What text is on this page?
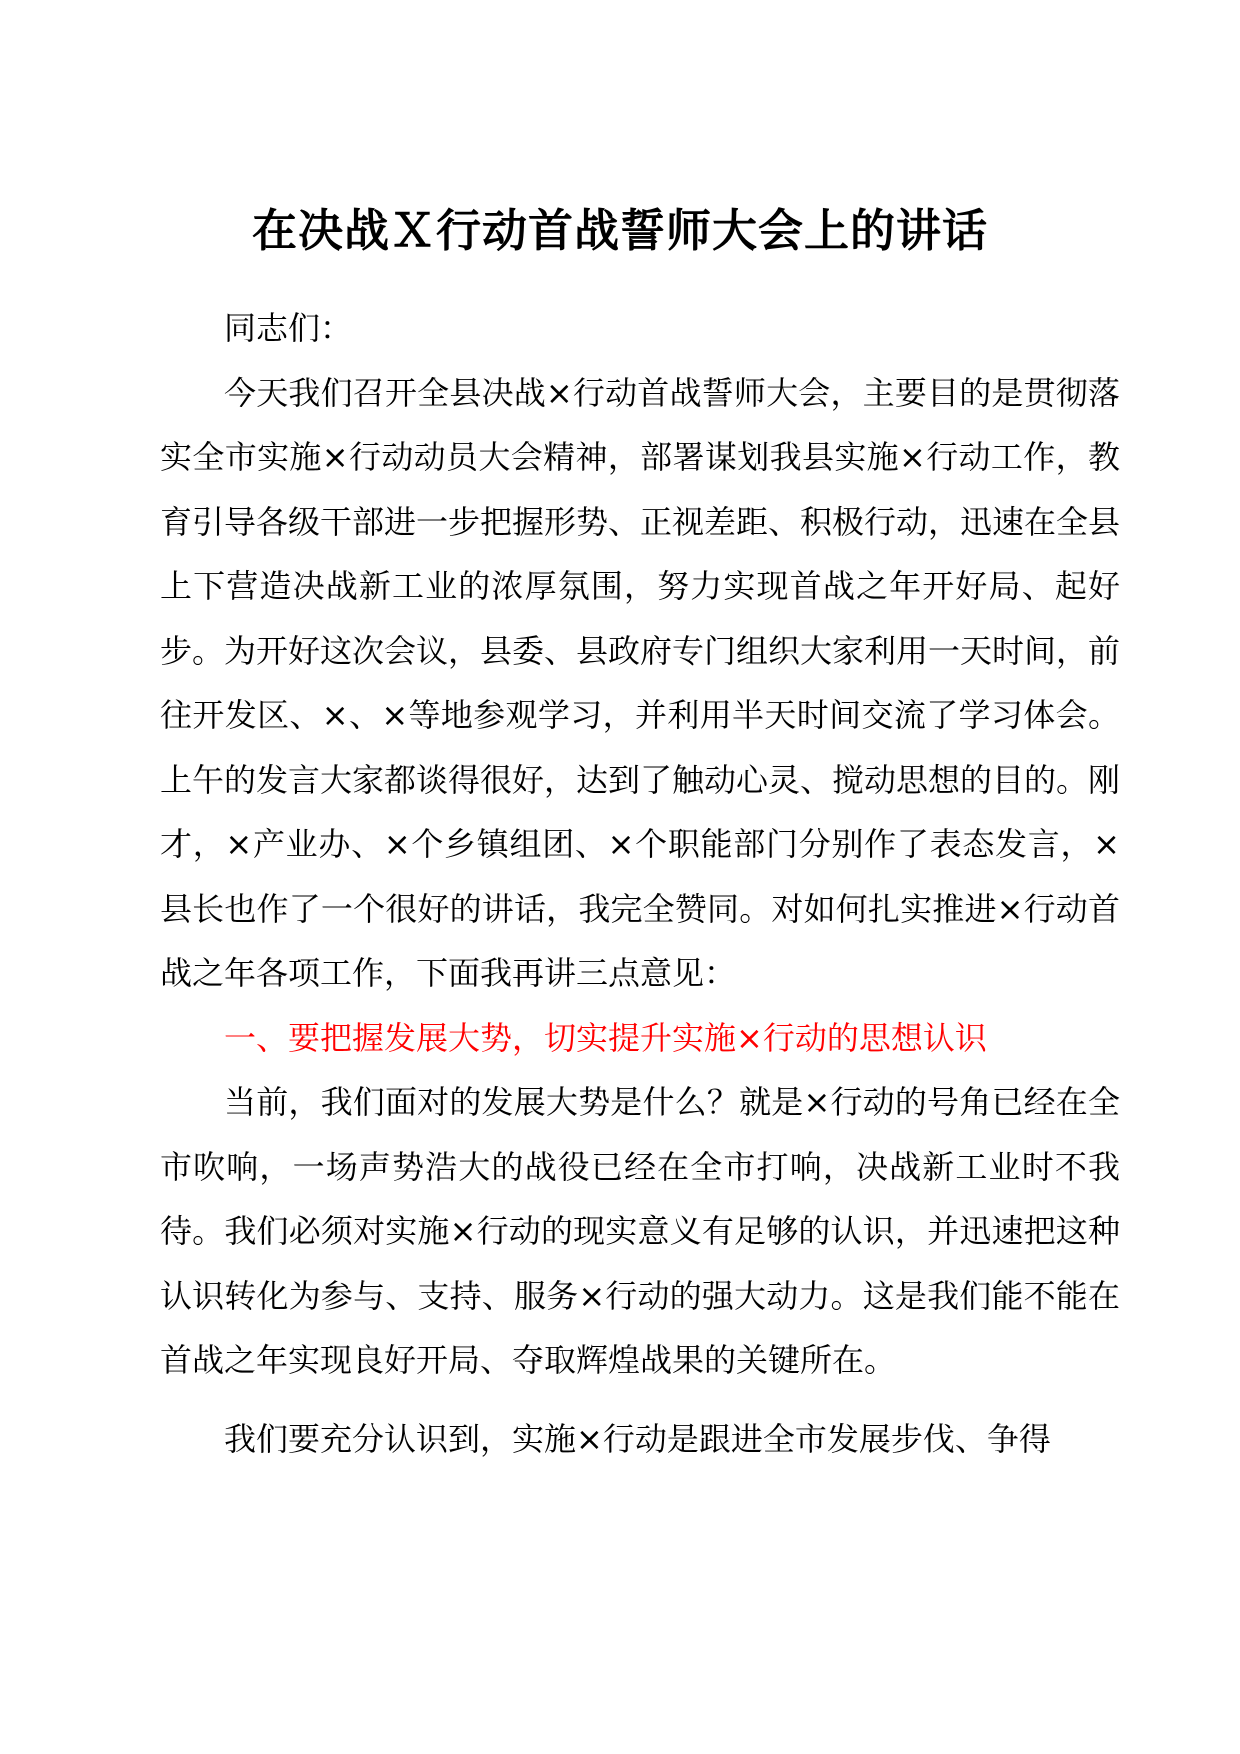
在决战Ｘ行动首战誓师大会上的讲话

同志们：

今天我们召开全县决战×行动首战誓师大会，主要目的是贯彻落实全市实施×行动动员大会精神，部署谋划我县实施×行动工作，教育引导各级干部进一步把握形势、正视差距、积极行动，迅速在全县上下营造决战新工业的浓厚氛围，努力实现首战之年开好局、起好步。为开好这次会议，县委、县政府专门组织大家利用一天时间，前往开发区、×、×等地参观学习，并利用半天时间交流了学习体会。上午的发言大家都谈得很好，达到了触动心灵、搅动思想的目的。刚才，×产业办、×个乡镇组团、×个职能部门分别作了表态发言，×县长也作了一个很好的讲话，我完全赞同。对如何扎实推进×行动首战之年各项工作，下面我再讲三点意见：

一、要把握发展大势，切实提升实施×行动的思想认识

当前，我们面对的发展大势是什么？就是×行动的号角已经在全市吹响，一场声势浩大的战役已经在全市打响，决战新工业时不我待。我们必须对实施×行动的现实意义有足够的认识，并迅速把这种认识转化为参与、支持、服务×行动的强大动力。这是我们能不能在首战之年实现良好开局、夺取辉煌战果的关键所在。

我们要充分认识到，实施×行动是跟进全市发展步伐、争得
